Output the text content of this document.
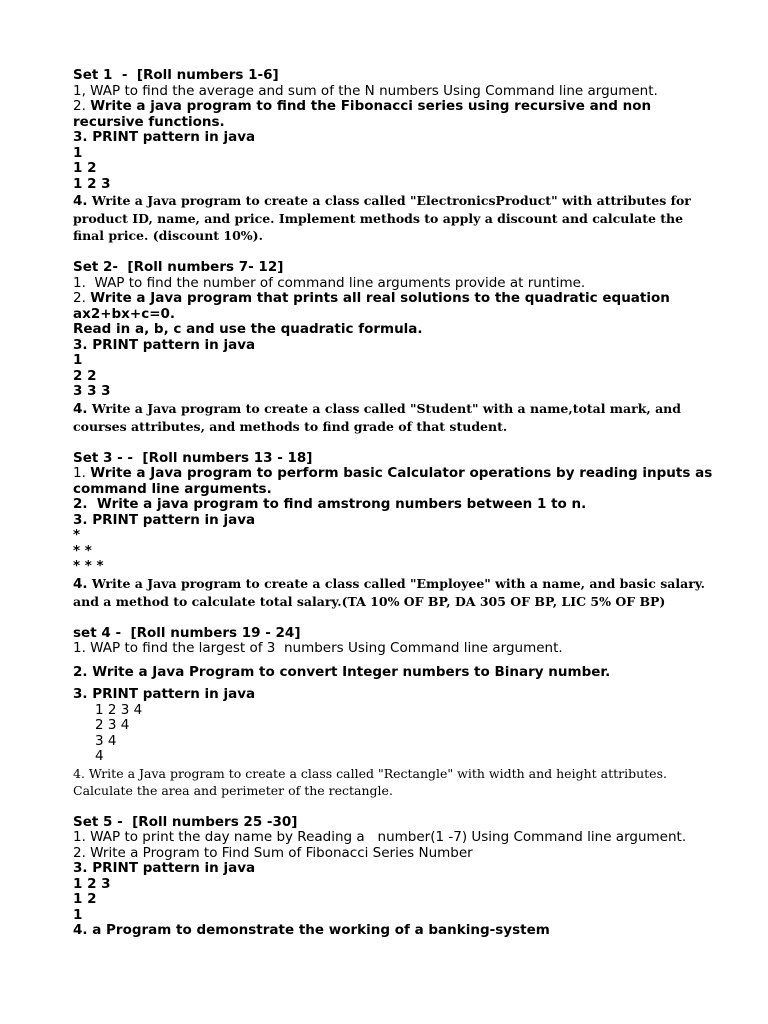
Set 1  -  [Roll numbers 1-6]
1, WAP to find the average and sum of the N numbers Using Command line argument.
2. Write a java program to find the Fibonacci series using recursive and non recursive functions.
3. PRINT pattern in java
1
1 2
1 2 3
4. Write a Java program to create a class called "ElectronicsProduct" with attributes for product ID, name, and price. Implement methods to apply a discount and calculate the final price. (discount 10%).
Set 2-  [Roll numbers 7- 12]
1.  WAP to find the number of command line arguments provide at runtime.
2. Write a Java program that prints all real solutions to the quadratic equation ax2+bx+c=0.
Read in a, b, c and use the quadratic formula.
3. PRINT pattern in java
1
2 2
3 3 3
4. Write a Java program to create a class called "Student" with a name,total mark, and courses attributes, and methods to find grade of that student.
Set 3 - -  [Roll numbers 13 - 18]
1. Write a Java program to perform basic Calculator operations by reading inputs as command line arguments.
2.  Write a java program to find amstrong numbers between 1 to n.
3. PRINT pattern in java
*
* *
* * *
4. Write a Java program to create a class called "Employee" with a name, and basic salary. and a method to calculate total salary.(TA 10% OF BP, DA 305 OF BP, LIC 5% OF BP)
set 4 -  [Roll numbers 19 - 24]
1. WAP to find the largest of 3  numbers Using Command line argument.
2. Write a Java Program to convert Integer numbers to Binary number.
3. PRINT pattern in java
1 2 3 4
2 3 4
3 4
4
4. Write a Java program to create a class called "Rectangle" with width and height attributes. Calculate the area and perimeter of the rectangle.
Set 5 -  [Roll numbers 25 -30]
1. WAP to print the day name by Reading a   number(1 -7) Using Command line argument.
2. Write a Program to Find Sum of Fibonacci Series Number
3. PRINT pattern in java
1 2 3
1 2
1
4. a Program to demonstrate the working of a banking-system
